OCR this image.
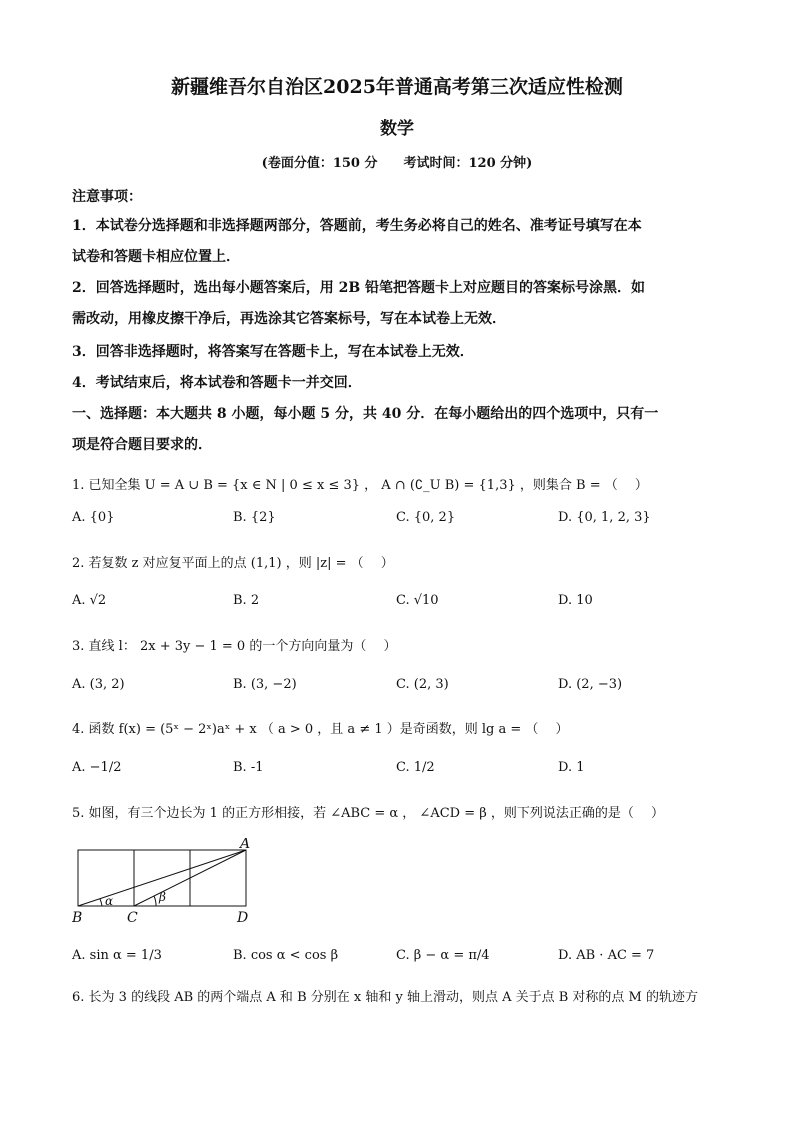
新疆维吾尔自治区2025年普通高考第三次适应性检测
数学
(卷面分值：150 分　　考试时间：120 分钟)
注意事项：
1．本试卷分选择题和非选择题两部分，答题前，考生务必将自己的姓名、准考证号填写在本
试卷和答题卡相应位置上．
2．回答选择题时，选出每小题答案后，用 2B 铅笔把答题卡上对应题目的答案标号涂黑．如
需改动，用橡皮擦干净后，再选涂其它答案标号，写在本试卷上无效．
3．回答非选择题时，将答案写在答题卡上，写在本试卷上无效．
4．考试结束后，将本试卷和答题卡一并交回．
一、选择题：本大题共 8 小题，每小题 5 分，共 40 分．在每小题给出的四个选项中，只有一
项是符合题目要求的．
1. 已知全集 U = A ∪ B = {x ∈ N | 0 ≤ x ≤ 3} ， A ∩ (∁_U B) = {1,3} ，则集合 B = （　 ）
A. {0}	B. {2}	C. {0, 2}	D. {0, 1, 2, 3}
2. 若复数 z 对应复平面上的点 (1,1) ，则 |z| = （　 ）
A. √2	B. 2	C. √10	D. 10
3. 直线 l： 2x + 3y − 1 = 0 的一个方向向量为（　 ）
A. (3, 2)	B. (3, −2)	C. (2, 3)	D. (2, −3)
4. 函数 f(x) = (5ˣ − 2ˣ)aˣ + x （ a > 0 ，且 a ≠ 1 ）是奇函数，则 lg a = （　 ）
A. −1/2	B. -1	C. 1/2	D. 1
5. 如图，有三个边长为 1 的正方形相接，若 ∠ABC = α ， ∠ACD = β ，则下列说法正确的是（　 ）
A
B	C	D
α	β
A. sin α = 1/3	B. cos α < cos β	C. β − α = π/4	D. AB · AC = 7
6. 长为 3 的线段 AB 的两个端点 A 和 B 分别在 x 轴和 y 轴上滑动，则点 A 关于点 B 对称的点 M 的轨迹方
